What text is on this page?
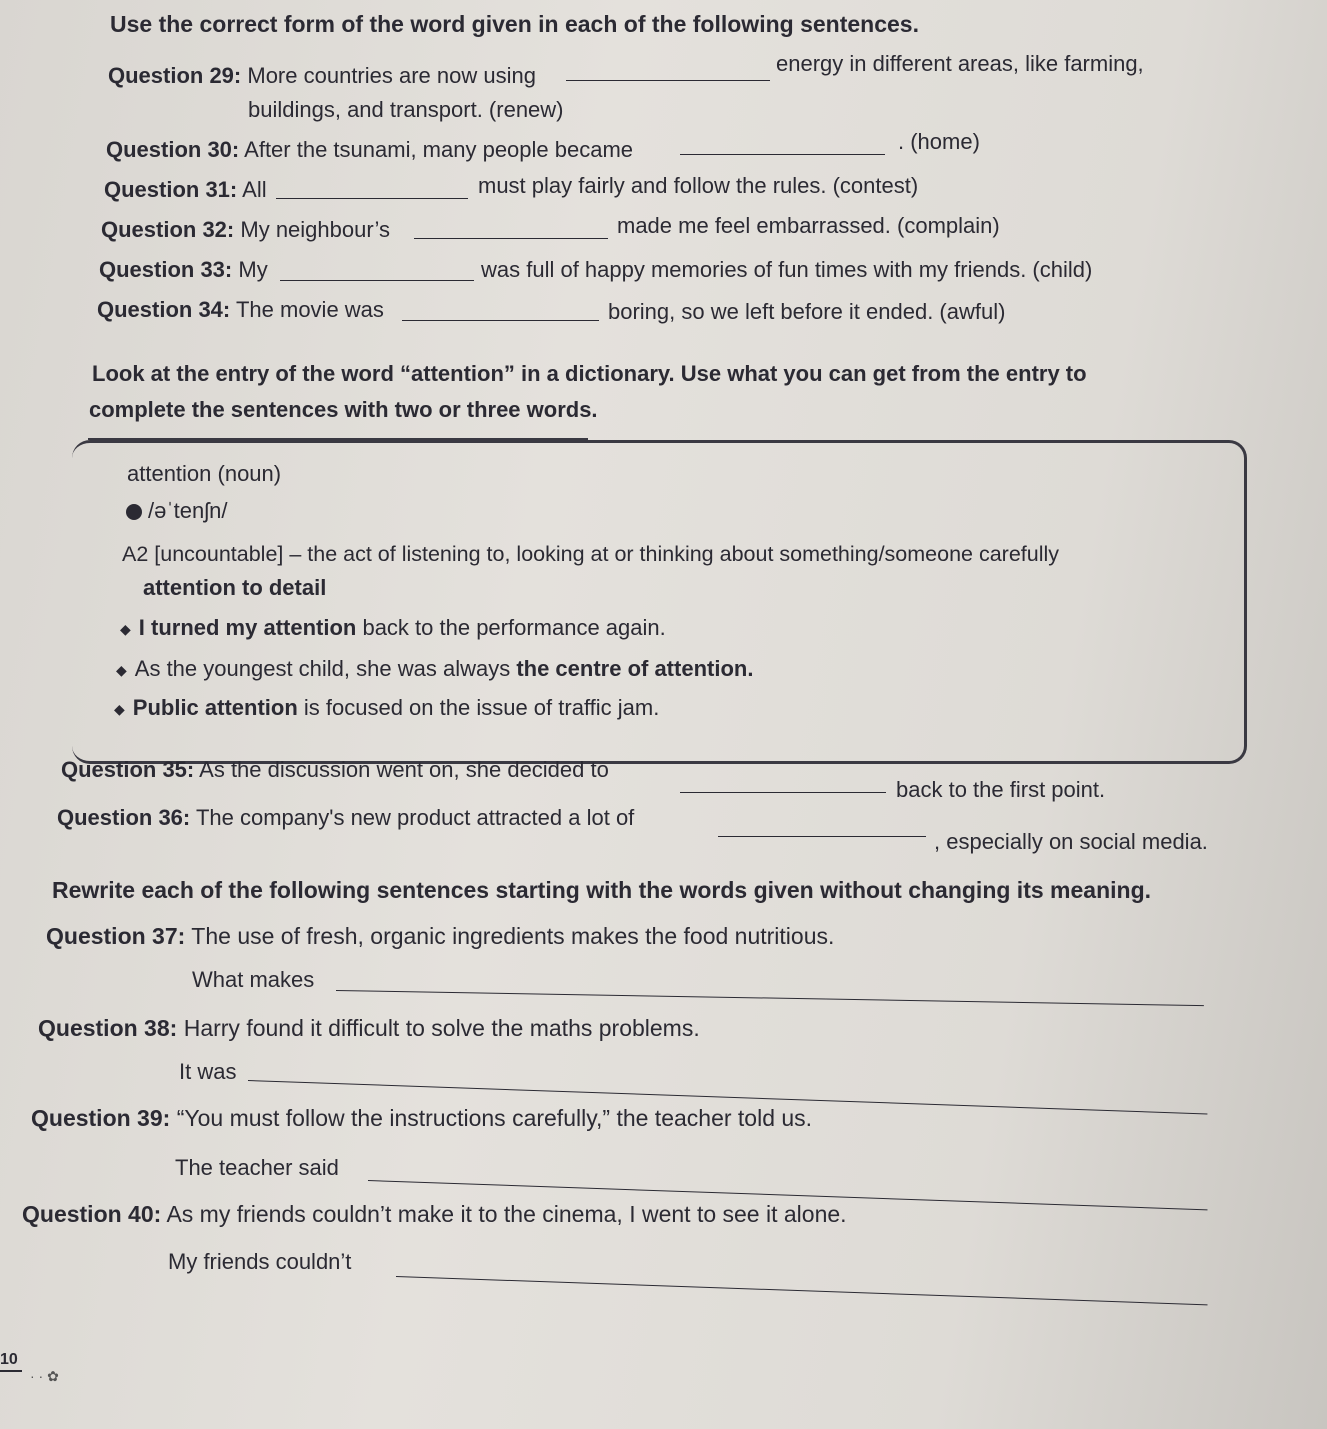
Use the correct form of the word given in each of the following sentences.
Question 29: More countries are now using	energy in different areas, like farming,
buildings, and transport. (renew)
Question 30: After the tsunami, many people became	. (home)
Question 31: All	must play fairly and follow the rules. (contest)
Question 32: My neighbour’s	made me feel embarrassed. (complain)
Question 33: My	was full of happy memories of fun times with my friends. (child)
Question 34: The movie was	boring, so we left before it ended. (awful)
Look at the entry of the word “attention” in a dictionary. Use what you can get from the entry to
complete the sentences with two or three words.
attention (noun)
/əˈtenʃn/
A2 [uncountable] – the act of listening to, looking at or thinking about something/someone carefully
attention to detail
◆ I turned my attention back to the performance again.
◆ As the youngest child, she was always the centre of attention.
◆ Public attention is focused on the issue of traffic jam.
Question 35: As the discussion went on, she decided to
back to the first point.
Question 36: The company's new product attracted a lot of
, especially on social media.
Rewrite each of the following sentences starting with the words given without changing its meaning.
Question 37: The use of fresh, organic ingredients makes the food nutritious.
What makes
Question 38: Harry found it difficult to solve the maths problems.
It was
Question 39: “You must follow the instructions carefully,” the teacher told us.
The teacher said
Question 40: As my friends couldn’t make it to the cinema, I went to see it alone.
My friends couldn’t
10
· · ✿
